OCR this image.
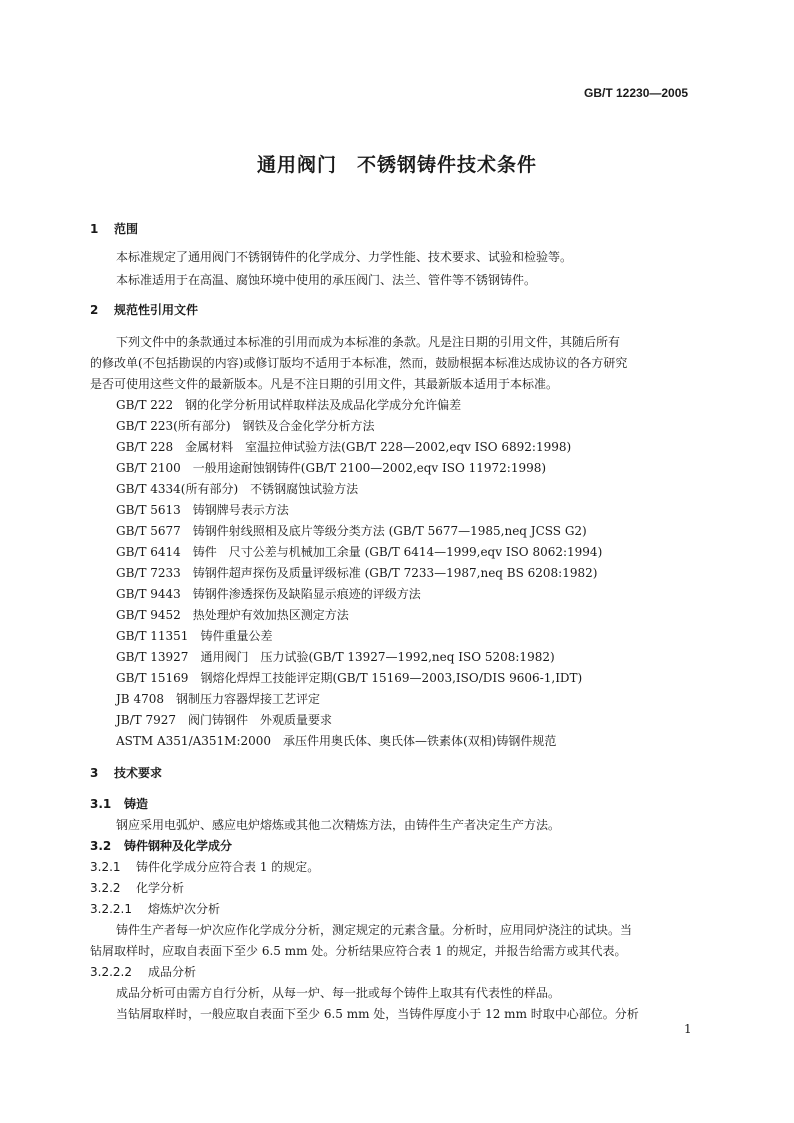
GB/T 12230—2005
通用阀门　不锈钢铸件技术条件
1 范围
本标准规定了通用阀门不锈钢铸件的化学成分、力学性能、技术要求、试验和检验等。
本标准适用于在高温、腐蚀环境中使用的承压阀门、法兰、管件等不锈钢铸件。
2 规范性引用文件
下列文件中的条款通过本标准的引用而成为本标准的条款。凡是注日期的引用文件，其随后所有
的修改单(不包括勘误的内容)或修订版均不适用于本标准，然而，鼓励根据本标准达成协议的各方研究
是否可使用这些文件的最新版本。凡是不注日期的引用文件，其最新版本适用于本标准。
GB/T 222　钢的化学分析用试样取样法及成品化学成分允许偏差
GB/T 223(所有部分)　钢铁及合金化学分析方法
GB/T 228　金属材料　室温拉伸试验方法(GB/T 228—2002,eqv ISO 6892:1998)
GB/T 2100　一般用途耐蚀钢铸件(GB/T 2100—2002,eqv ISO 11972:1998)
GB/T 4334(所有部分)　不锈钢腐蚀试验方法
GB/T 5613　铸钢牌号表示方法
GB/T 5677　铸钢件射线照相及底片等级分类方法 (GB/T 5677—1985,neq JCSS G2)
GB/T 6414　铸件　尺寸公差与机械加工余量 (GB/T 6414—1999,eqv ISO 8062:1994)
GB/T 7233　铸钢件超声探伤及质量评级标准 (GB/T 7233—1987,neq BS 6208:1982)
GB/T 9443　铸钢件渗透探伤及缺陷显示痕迹的评级方法
GB/T 9452　热处理炉有效加热区测定方法
GB/T 11351　铸件重量公差
GB/T 13927　通用阀门　压力试验(GB/T 13927—1992,neq ISO 5208:1982)
GB/T 15169　钢熔化焊焊工技能评定期(GB/T 15169—2003,ISO/DIS 9606-1,IDT)
JB 4708　钢制压力容器焊接工艺评定
JB/T 7927　阀门铸钢件　外观质量要求
ASTM A351/A351M:2000　承压件用奥氏体、奥氏体—铁素体(双相)铸钢件规范
3 技术要求
3.1 铸造
钢应采用电弧炉、感应电炉熔炼或其他二次精炼方法，由铸件生产者决定生产方法。
3.2 铸件钢种及化学成分
3.2.1 铸件化学成分应符合表 1 的规定。
3.2.2 化学分析
3.2.2.1 熔炼炉次分析
铸件生产者每一炉次应作化学成分分析，测定规定的元素含量。分析时，应用同炉浇注的试块。当
钻屑取样时，应取自表面下至少 6.5 mm 处。分析结果应符合表 1 的规定，并报告给需方或其代表。
3.2.2.2 成品分析
成品分析可由需方自行分析，从每一炉、每一批或每个铸件上取其有代表性的样品。
当钻屑取样时，一般应取自表面下至少 6.5 mm 处，当铸件厚度小于 12 mm 时取中心部位。分析
1
